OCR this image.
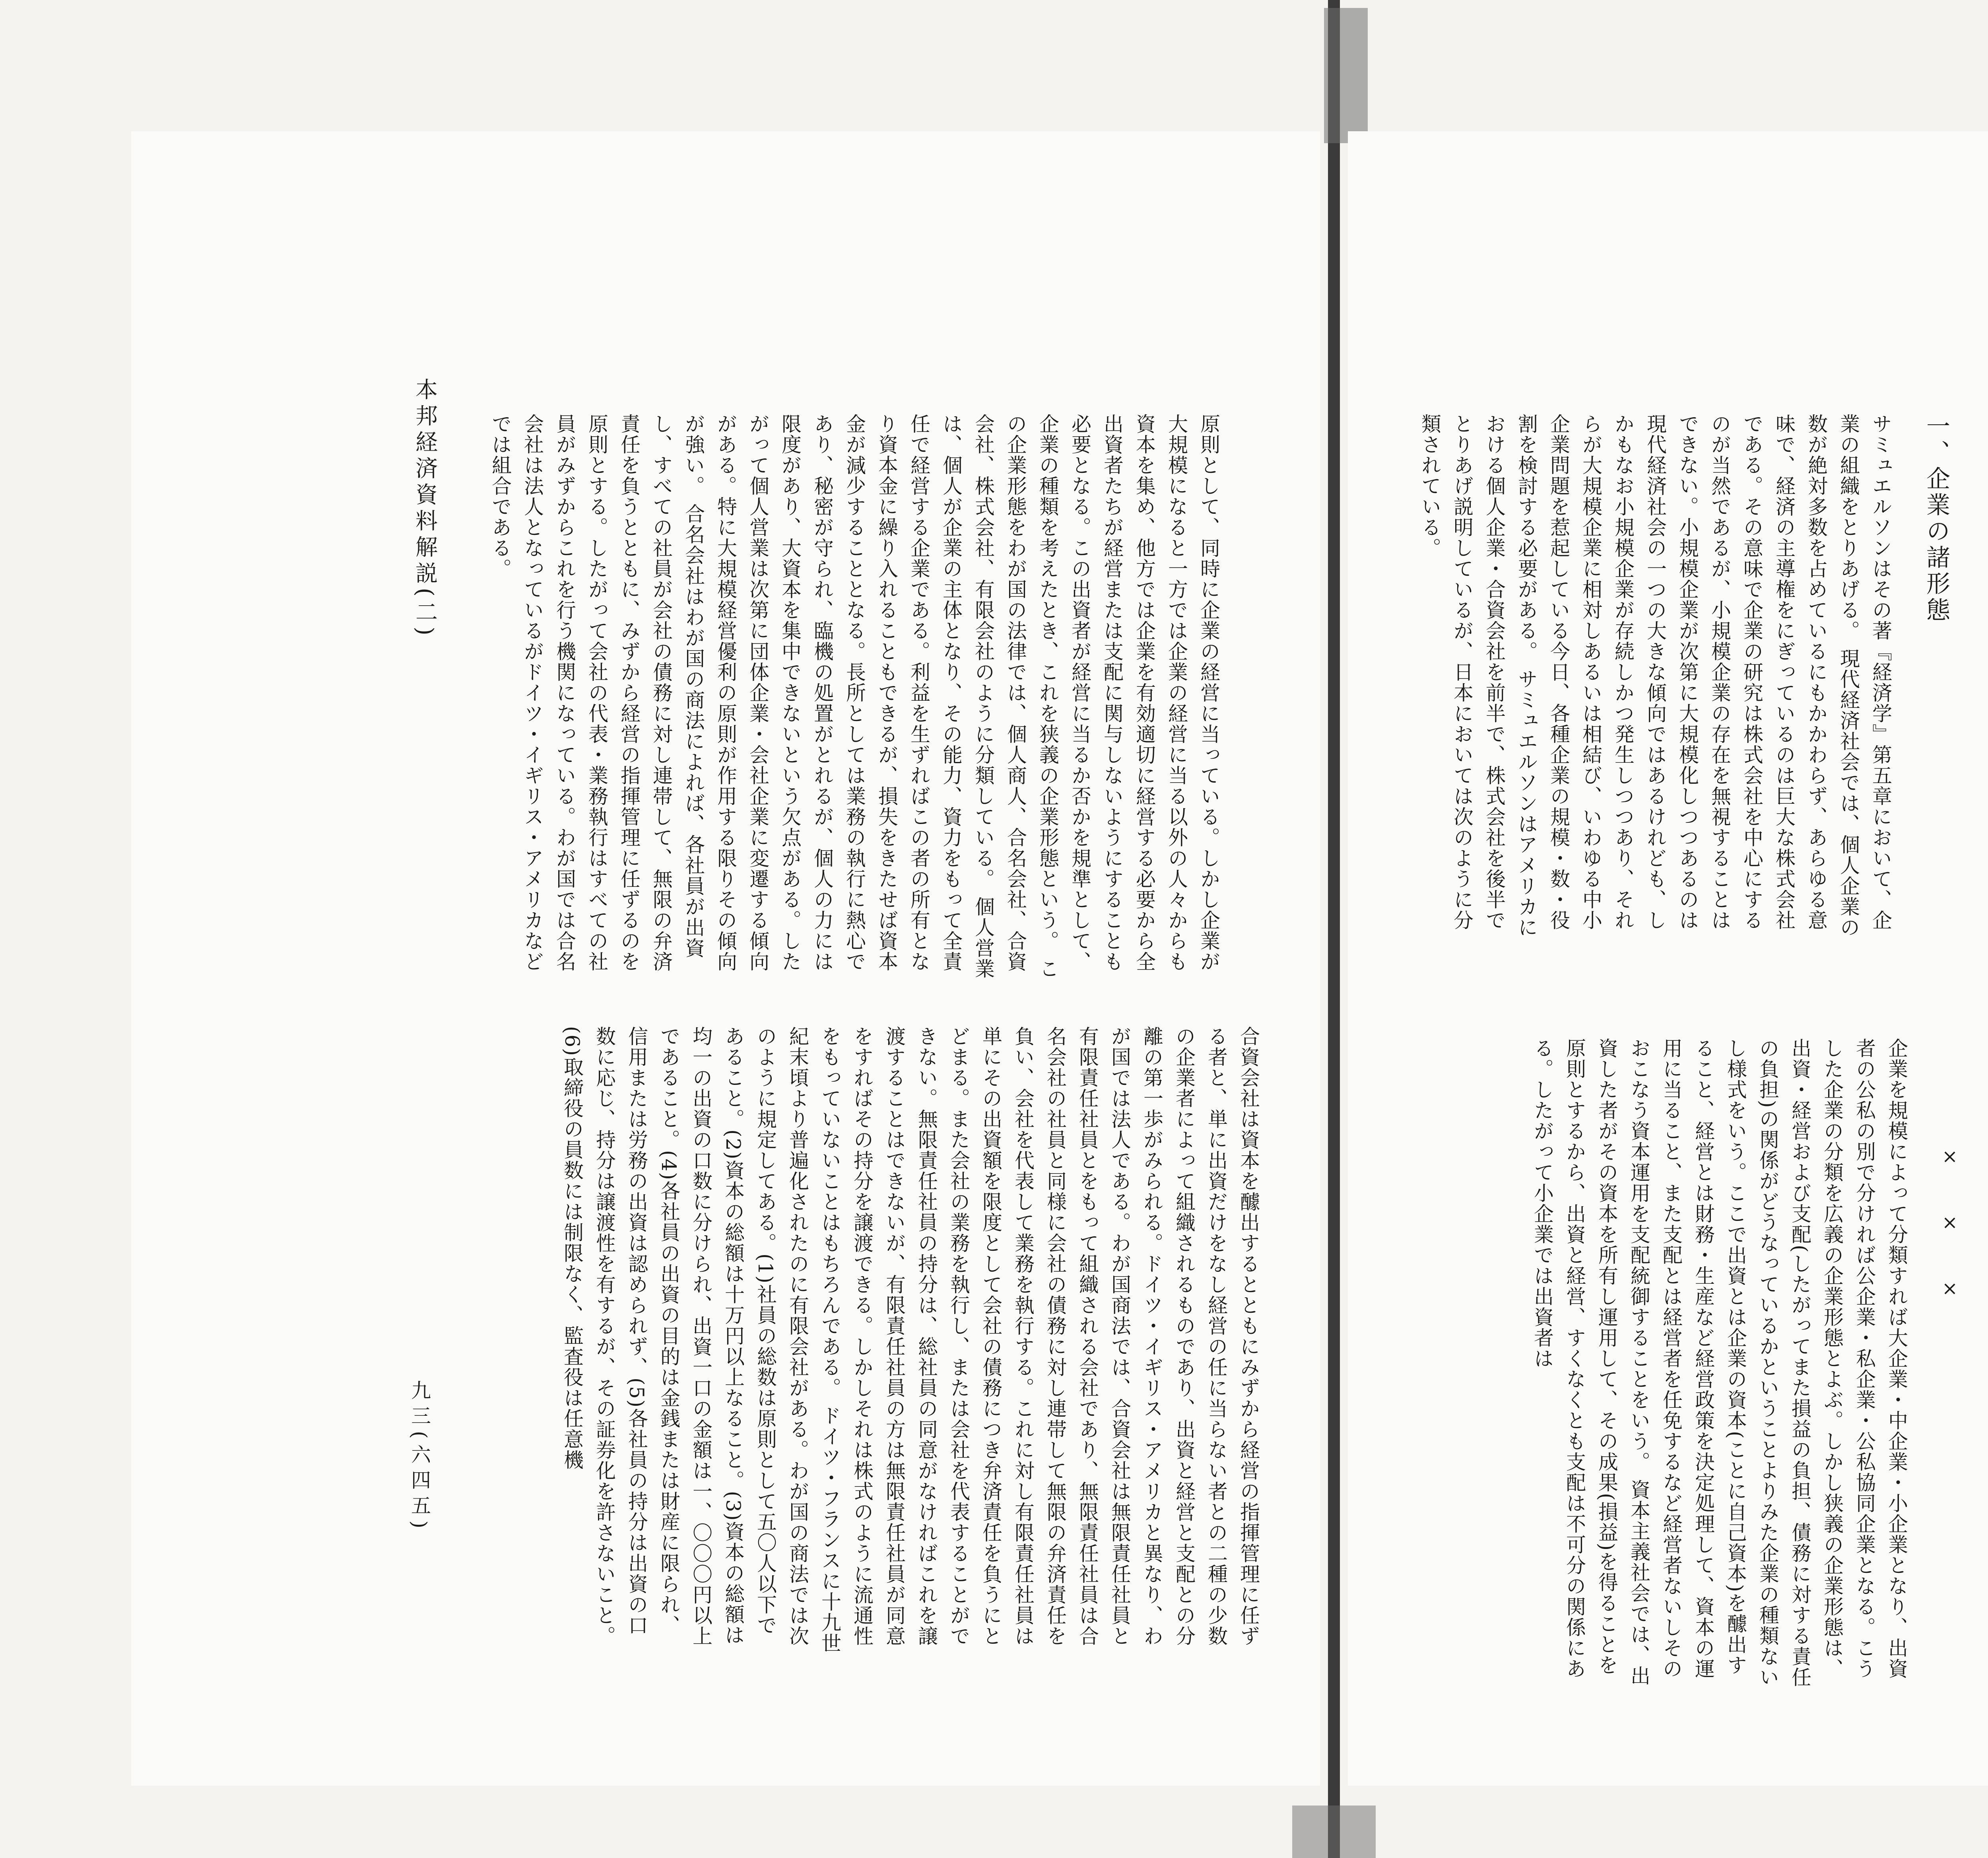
一、企業の諸形態
サミュエルソンはその著『経済学』第五章において、企業の組織をとりあげる。 現代経済社会では、個人企業の数が絶対多数を占めているにもかかわらず、あらゆる意味で、経済の主導権をにぎっているのは巨大な株式会社である。その意味で企業の研究は株式会社を中心にするのが当然であるが、小規模企業の存在を無視することはできない。小規模企業が次第に大規模化しつつあるのは現代経済社会の一つの大きな傾向ではあるけれども、しかもなお小規模企業が存続しかつ発生しつつあり、それらが大規模企業に相対しあるいは相結び、いわゆる中小企業問題を惹起している今日、各種企業の規模・数・役割を検討する必要がある。 サミュエルソンはアメリカにおける個人企業・合資会社を前半で、株式会社を後半でとりあげ説明しているが、日本においては次のように分類されている。
×××
企業を規模によって分類すれば大企業・中企業・小企業となり、出資者の公私の別で分ければ公企業・私企業・公私協同企業となる。こうした企業の分類を広義の企業形態とよぶ。しかし狭義の企業形態は、出資・経営および支配(したがってまた損益の負担、債務に対する責任の負担)の関係がどうなっているかということよりみた企業の種類ないし様式をいう。ここで出資とは企業の資本(ことに自己資本)を醵出すること、経営とは財務・生産など経営政策を決定処理して、資本の運用に当ること、また支配とは経営者を任免するなど経営者ないしそのおこなう資本運用を支配統御することをいう。 資本主義社会では、出資した者がその資本を所有し運用して、その成果(損益)を得ることを原則とするから、出資と経営、すくなくとも支配は不可分の関係にある。したがって小企業では出資者は
本邦経済資料解説(二)
九三(六四五)
原則として、同時に企業の経営に当っている。しかし企業が大規模になると一方では企業の経営に当る以外の人々からも資本を集め、他方では企業を有効適切に経営する必要から全出資者たちが経営または支配に関与しないようにすることも必要となる。この出資者が経営に当るか否かを規準として、企業の種類を考えたとき、これを狭義の企業形態という。 この企業形態をわが国の法律では、個人商人、合名会社、合資会社、株式会社、有限会社のように分類している。 個人営業は、個人が企業の主体となり、その能力、資力をもって全責任で経営する企業である。利益を生ずればこの者の所有となり資本金に繰り入れることもできるが、損失をきたせば資本金が減少することとなる。長所としては業務の執行に熱心であり、秘密が守られ、臨機の処置がとれるが、個人の力には限度があり、大資本を集中できないという欠点がある。したがって個人営業は次第に団体企業・会社企業に変遷する傾向がある。特に大規模経営優利の原則が作用する限りその傾向が強い。 合名会社はわが国の商法によれば、各社員が出資し、すべての社員が会社の債務に対し連帯して、無限の弁済責任を負うとともに、みずから経営の指揮管理に任ずるのを原則とする。したがって会社の代表・業務執行はすべての社員がみずからこれを行う機関になっている。わが国では合名会社は法人となっているがドイツ・イギリス・アメリカなどでは組合である。
合資会社は資本を醵出するとともにみずから経営の指揮管理に任ずる者と、単に出資だけをなし経営の任に当らない者との二種の少数の企業者によって組織されるものであり、出資と経営と支配との分離の第一歩がみられる。ドイツ・イギリス・アメリカと異なり、わが国では法人である。わが国商法では、合資会社は無限責任社員と有限責任社員とをもって組織される会社であり、無限責任社員は合名会社の社員と同様に会社の債務に対し連帯して無限の弁済責任を負い、会社を代表して業務を執行する。これに対し有限責任社員は単にその出資額を限度として会社の債務につき弁済責任を負うにとどまる。また会社の業務を執行し、または会社を代表することができない。無限責任社員の持分は、総社員の同意がなければこれを譲渡することはできないが、有限責任社員の方は無限責任社員が同意をすればその持分を譲渡できる。しかしそれは株式のように流通性をもっていないことはもちろんである。 ドイツ・フランスに十九世紀末頃より普遍化されたのに有限会社がある。わが国の商法では次のように規定してある。(1)社員の総数は原則として五〇人以下であること。(2)資本の総額は十万円以上なること。(3)資本の総額は均一の出資の口数に分けられ、出資一口の金額は一、〇〇〇円以上であること。(4)各社員の出資の目的は金銭または財産に限られ、信用または労務の出資は認められず、(5)各社員の持分は出資の口数に応じ、持分は譲渡性を有するが、その証券化を許さないこと。(6)取締役の員数には制限なく、監査役は任意機
